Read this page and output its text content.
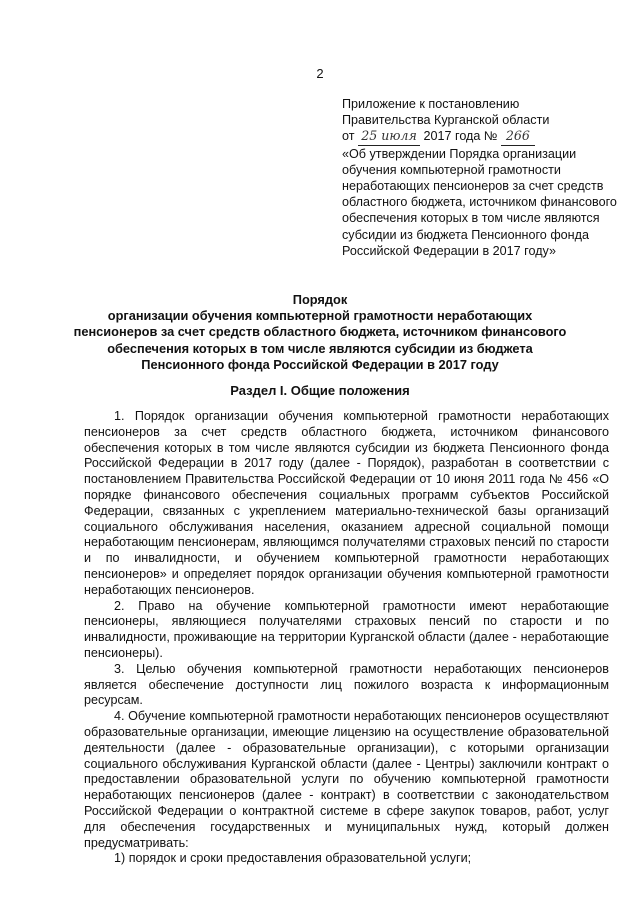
2
Приложение к постановлению
Правительства Курганской области
от 25 июля 2017 года № 266
«Об утверждении Порядка организации обучения компьютерной грамотности неработающих пенсионеров за счет средств областного бюджета, источником финансового обеспечения которых в том числе являются субсидии из бюджета Пенсионного фонда Российской Федерации в 2017 году»
Порядок
организации обучения компьютерной грамотности неработающих пенсионеров за счет средств областного бюджета, источником финансового обеспечения которых в том числе являются субсидии из бюджета Пенсионного фонда Российской Федерации в 2017 году
Раздел I. Общие положения

1. Порядок организации обучения компьютерной грамотности неработающих пенсионеров за счет средств областного бюджета, источником финансового обеспечения которых в том числе являются субсидии из бюджета Пенсионного фонда Российской Федерации в 2017 году (далее - Порядок), разработан в соответствии с постановлением Правительства Российской Федерации от 10 июня 2011 года № 456 «О порядке финансового обеспечения социальных программ субъектов Российской Федерации, связанных с укреплением материально-технической базы организаций социального обслуживания населения, оказанием адресной социальной помощи неработающим пенсионерам, являющимся получателями страховых пенсий по старости и по инвалидности, и обучением компьютерной грамотности неработающих пенсионеров» и определяет порядок организации обучения компьютерной грамотности неработающих пенсионеров.

2. Право на обучение компьютерной грамотности имеют неработающие пенсионеры, являющиеся получателями страховых пенсий по старости и по инвалидности, проживающие на территории Курганской области (далее - неработающие пенсионеры).

3. Целью обучения компьютерной грамотности неработающих пенсионеров является обеспечение доступности лиц пожилого возраста к информационным ресурсам.

4. Обучение компьютерной грамотности неработающих пенсионеров осуществляют образовательные организации, имеющие лицензию на осуществление образовательной деятельности (далее - образовательные организации), с которыми организации социального обслуживания Курганской области (далее - Центры) заключили контракт о предоставлении образовательной услуги по обучению компьютерной грамотности неработающих пенсионеров (далее - контракт) в соответствии с законодательством Российской Федерации о контрактной системе в сфере закупок товаров, работ, услуг для обеспечения государственных и муниципальных нужд, который должен предусматривать:

1) порядок и сроки предоставления образовательной услуги;
